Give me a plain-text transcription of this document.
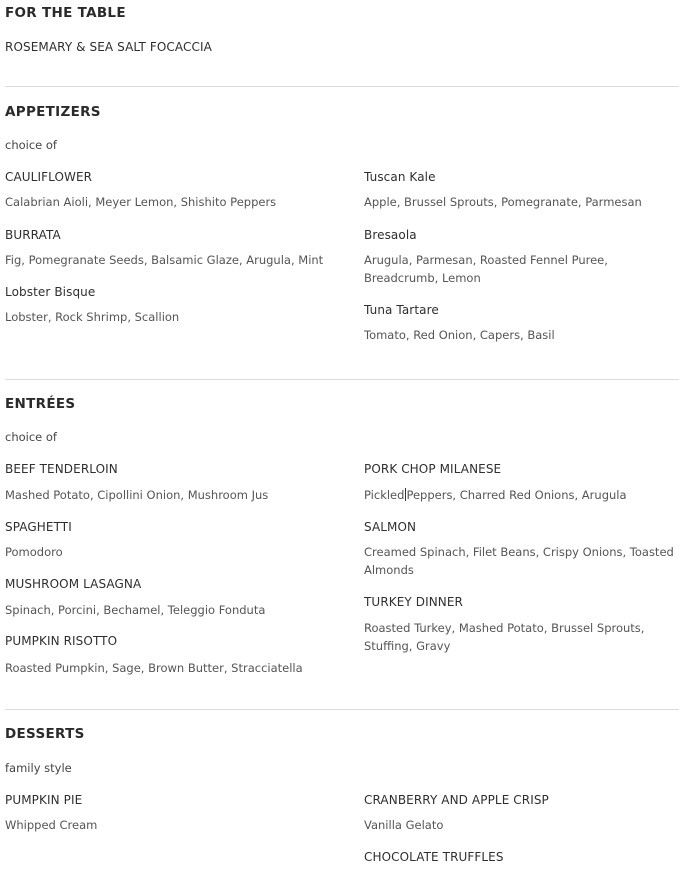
FOR THE TABLE
ROSEMARY & SEA SALT FOCACCIA
APPETIZERS
choice of
CAULIFLOWER
Calabrian Aioli, Meyer Lemon, Shishito Peppers
BURRATA
Fig, Pomegranate Seeds, Balsamic Glaze, Arugula, Mint
Lobster Bisque
Lobster, Rock Shrimp, Scallion
Tuscan Kale
Apple, Brussel Sprouts, Pomegranate, Parmesan
Bresaola
Arugula, Parmesan, Roasted Fennel Puree, Breadcrumb, Lemon
Tuna Tartare
Tomato, Red Onion, Capers, Basil
ENTRÉES
choice of
BEEF TENDERLOIN
Mashed Potato, Cipollini Onion, Mushroom Jus
SPAGHETTI
Pomodoro
MUSHROOM LASAGNA
Spinach, Porcini, Bechamel, Teleggio Fonduta
PUMPKIN RISOTTO
Roasted Pumpkin, Sage, Brown Butter, Stracciatella
PORK CHOP MILANESE
Pickled Peppers, Charred Red Onions, Arugula
SALMON
Creamed Spinach, Filet Beans, Crispy Onions, Toasted Almonds
TURKEY DINNER
Roasted Turkey, Mashed Potato, Brussel Sprouts, Stuffing, Gravy
DESSERTS
family style
PUMPKIN PIE
Whipped Cream
CRANBERRY AND APPLE CRISP
Vanilla Gelato
CHOCOLATE TRUFFLES
